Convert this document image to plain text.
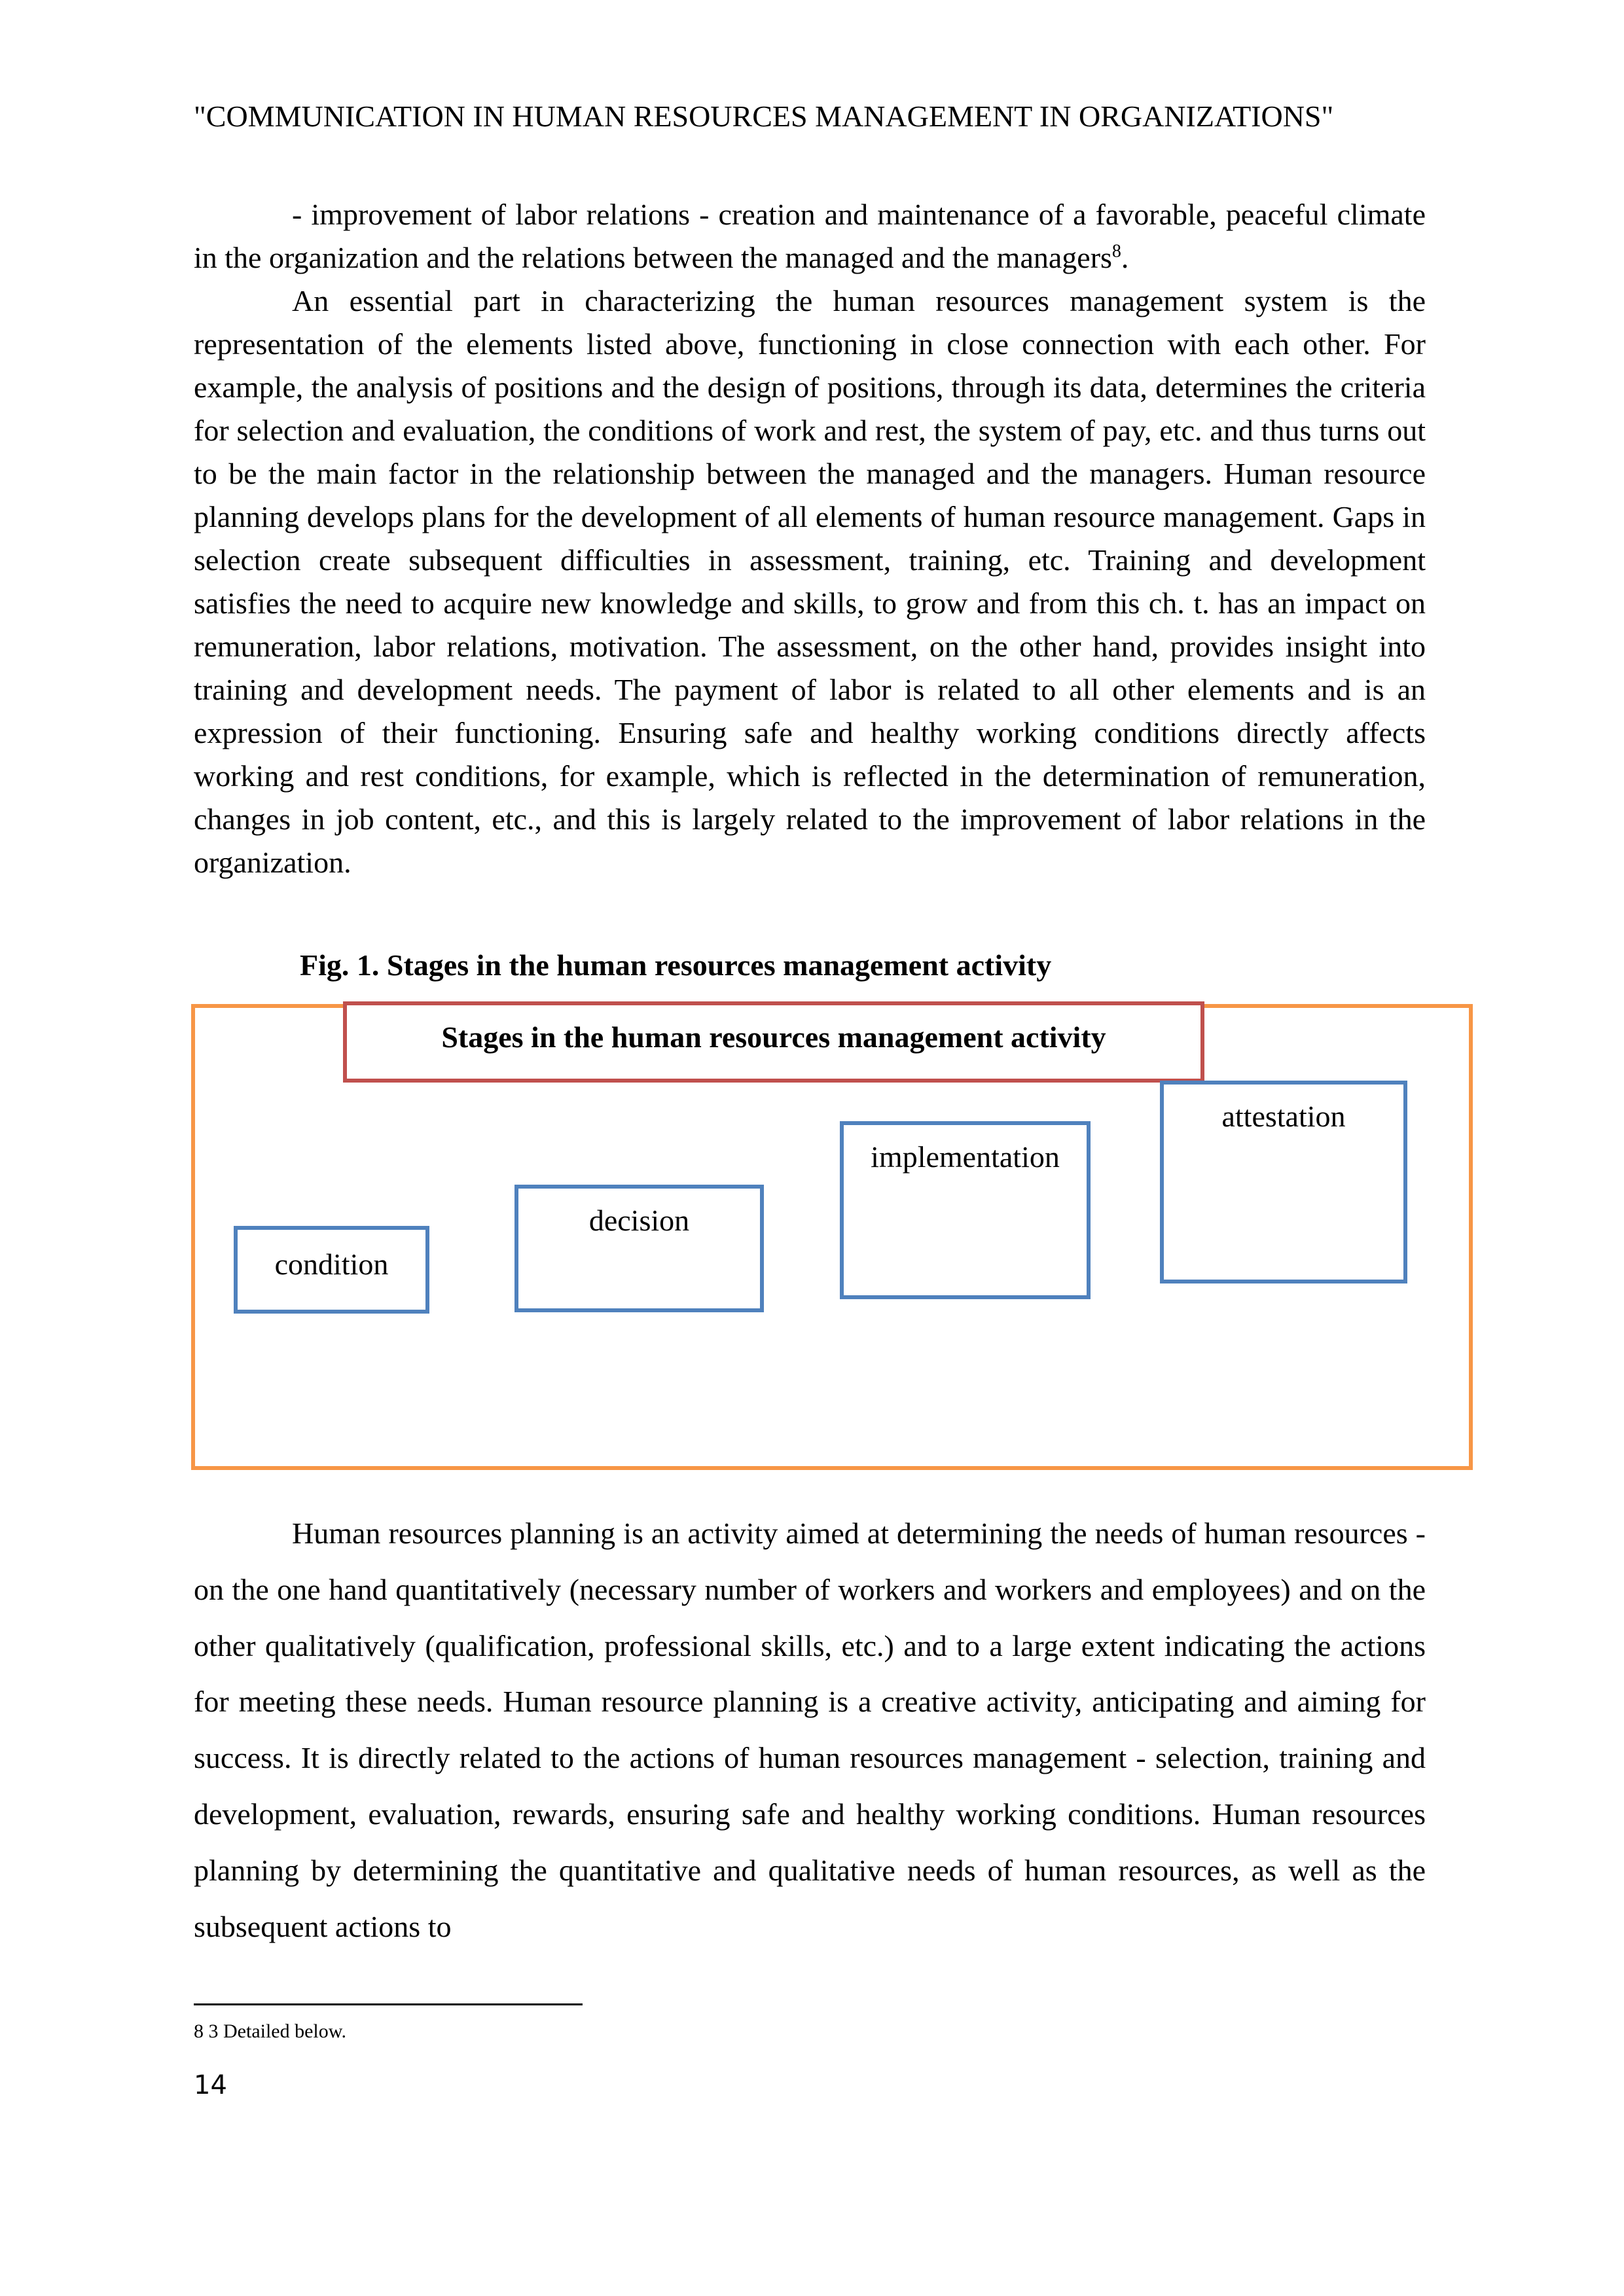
"COMMUNICATION IN HUMAN RESOURCES MANAGEMENT IN ORGANIZATIONS"

- improvement of labor relations - creation and maintenance of a favorable, peaceful climate in the organization and the relations between the managed and the managers$^8$.

An essential part in characterizing the human resources management system is the representation of the elements listed above, functioning in close connection with each other. For example, the analysis of positions and the design of positions, through its data, determines the criteria for selection and evaluation, the conditions of work and rest, the system of pay, etc. and thus turns out to be the main factor in the relationship between the managed and the managers. Human resource planning develops plans for the development of all elements of human resource management. Gaps in selection create subsequent difficulties in assessment, training, etc. Training and development satisfies the need to acquire new knowledge and skills, to grow and from this ch. t. has an impact on remuneration, labor relations, motivation. The assessment, on the other hand, provides insight into training and development needs. The payment of labor is related to all other elements and is an expression of their functioning. Ensuring safe and healthy working conditions directly affects working and rest conditions, for example, which is reflected in the determination of remuneration, changes in job content, etc., and this is largely related to the improvement of labor relations in the organization.

Fig. 1. Stages in the human resources management activity
Stages in the human resources management activity
condition
decision
implementation
attestation

Human resources planning is an activity aimed at determining the needs of human resources - on the one hand quantitatively (necessary number of workers and workers and employees) and on the other qualitatively (qualification, professional skills, etc.) and to a large extent indicating the actions for meeting these needs. Human resource planning is a creative activity, anticipating and aiming for success. It is directly related to the actions of human resources management - selection, training and development, evaluation, rewards, ensuring safe and healthy working conditions. Human resources planning by determining the quantitative and qualitative needs of human resources, as well as the subsequent actions to

8 3 Detailed below.
14
